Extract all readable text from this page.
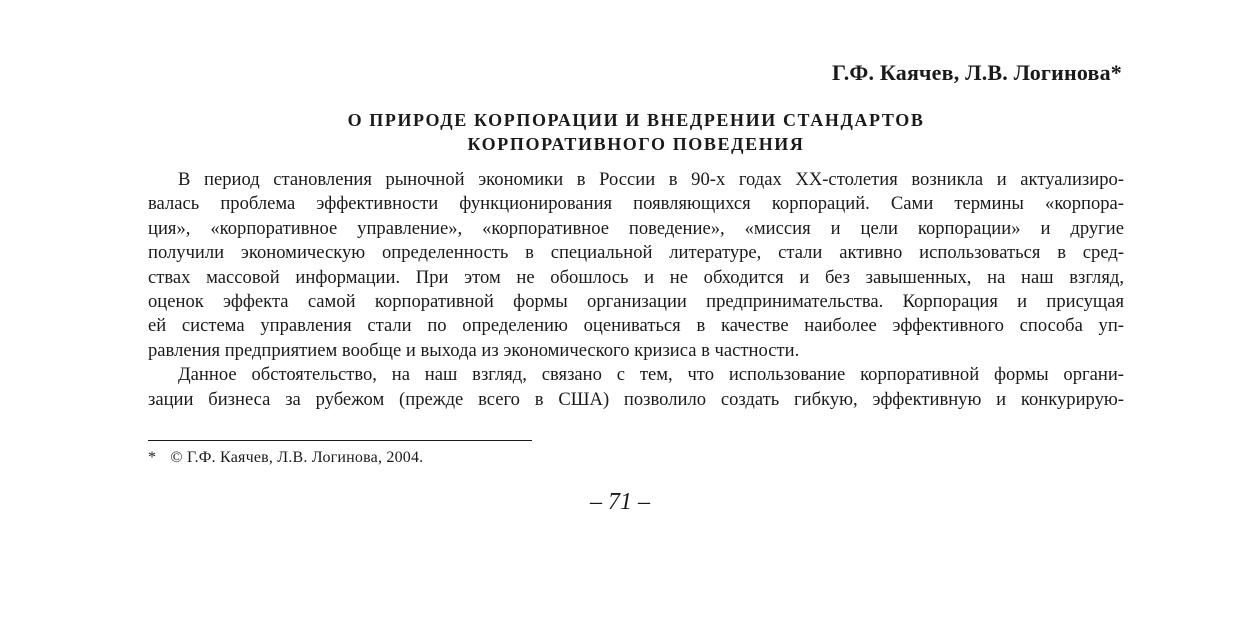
Г.Ф. Каячев, Л.В. Логинова*
О ПРИРОДЕ КОРПОРАЦИИ И ВНЕДРЕНИИ СТАНДАРТОВ
КОРПОРАТИВНОГО ПОВЕДЕНИЯ
В период становления рыночной экономики в России в 90-х годах XX-столетия возникла и актуализиро-
валась проблема эффективности функционирования появляющихся корпораций. Сами термины «корпора-
ция», «корпоративное управление», «корпоративное поведение», «миссия и цели корпорации» и другие
получили экономическую определенность в специальной литературе, стали активно использоваться в сред-
ствах массовой информации. При этом не обошлось и не обходится и без завышенных, на наш взгляд,
оценок эффекта самой корпоративной формы организации предпринимательства. Корпорация и присущая
ей система управления стали по определению оцениваться в качестве наиболее эффективного способа уп-
равления предприятием вообще и выхода из экономического кризиса в частности.
Данное обстоятельство, на наш взгляд, связано с тем, что использование корпоративной формы органи-
зации бизнеса за рубежом (прежде всего в США) позволило создать гибкую, эффективную и конкурирую-
* © Г.Ф. Каячев, Л.В. Логинова, 2004.
– 71 –
